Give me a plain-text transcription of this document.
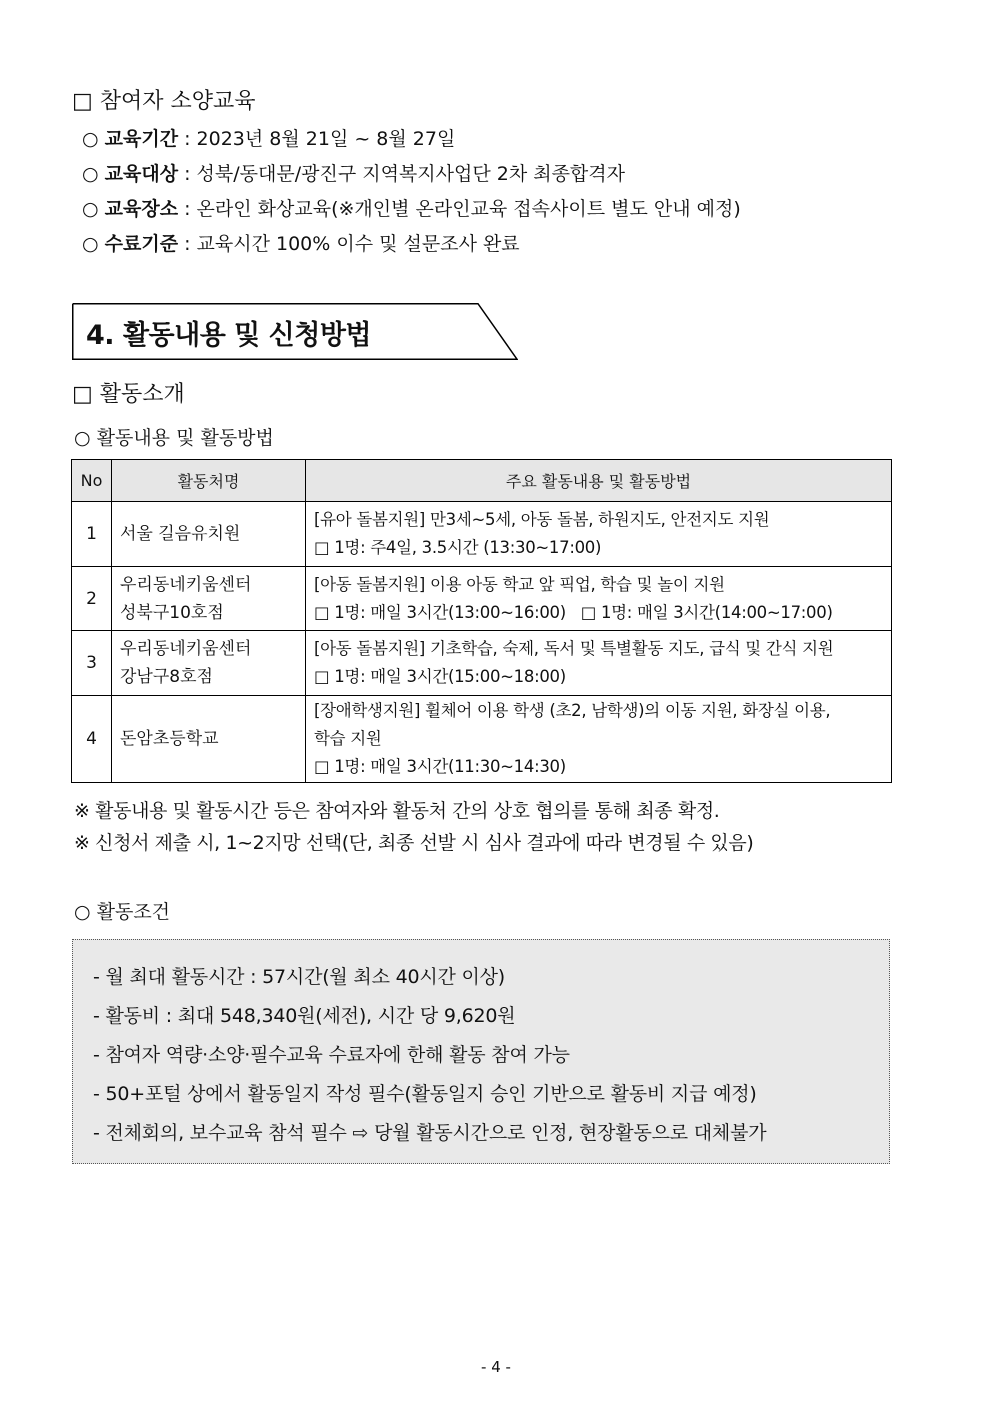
□ 참여자 소양교육
○ 교육기간 : 2023년 8월 21일 ~ 8월 27일
○ 교육대상 : 성북/동대문/광진구 지역복지사업단 2차 최종합격자
○ 교육장소 : 온라인 화상교육(※개인별 온라인교육 접속사이트 별도 안내 예정)
○ 수료기준 : 교육시간 100% 이수 및 설문조사 완료
4. 활동내용 및 신청방법
□ 활동소개
○ 활동내용 및 활동방법
No	활동처명	주요 활동내용 및 활동방법
1	서울 길음유치원	[유아 돌봄지원] 만3세~5세, 아동 돌봄, 하원지도, 안전지도 지원
□ 1명: 주4일, 3.5시간 (13:30~17:00)

2	우리동네키움센터
성북구10호점	[아동 돌봄지원] 이용 아동 학교 앞 픽업, 학습 및 놀이 지원
□ 1명: 매일 3시간(13:00~16:00)   □ 1명: 매일 3시간(14:00~17:00)

3	우리동네키움센터
강남구8호점	[아동 돌봄지원] 기초학습, 숙제, 독서 및 특별활동 지도, 급식 및 간식 지원
□ 1명: 매일 3시간(15:00~18:00)

4	돈암초등학교	[장애학생지원] 휠체어 이용 학생 (초2, 남학생)의 이동 지원, 화장실 이용,
학습 지원
□ 1명: 매일 3시간(11:30~14:30)
※ 활동내용 및 활동시간 등은 참여자와 활동처 간의 상호 협의를 통해 최종 확정.
※ 신청서 제출 시, 1~2지망 선택(단, 최종 선발 시 심사 결과에 따라 변경될 수 있음)
○ 활동조건
- 월 최대 활동시간 : 57시간(월 최소 40시간 이상)
- 활동비 : 최대 548,340원(세전), 시간 당 9,620원
- 참여자 역량·소양·필수교육 수료자에 한해 활동 참여 가능
- 50+포털 상에서 활동일지 작성 필수(활동일지 승인 기반으로 활동비 지급 예정)
- 전체회의, 보수교육 참석 필수 ⇨ 당월 활동시간으로 인정, 현장활동으로 대체불가
- 4 -
